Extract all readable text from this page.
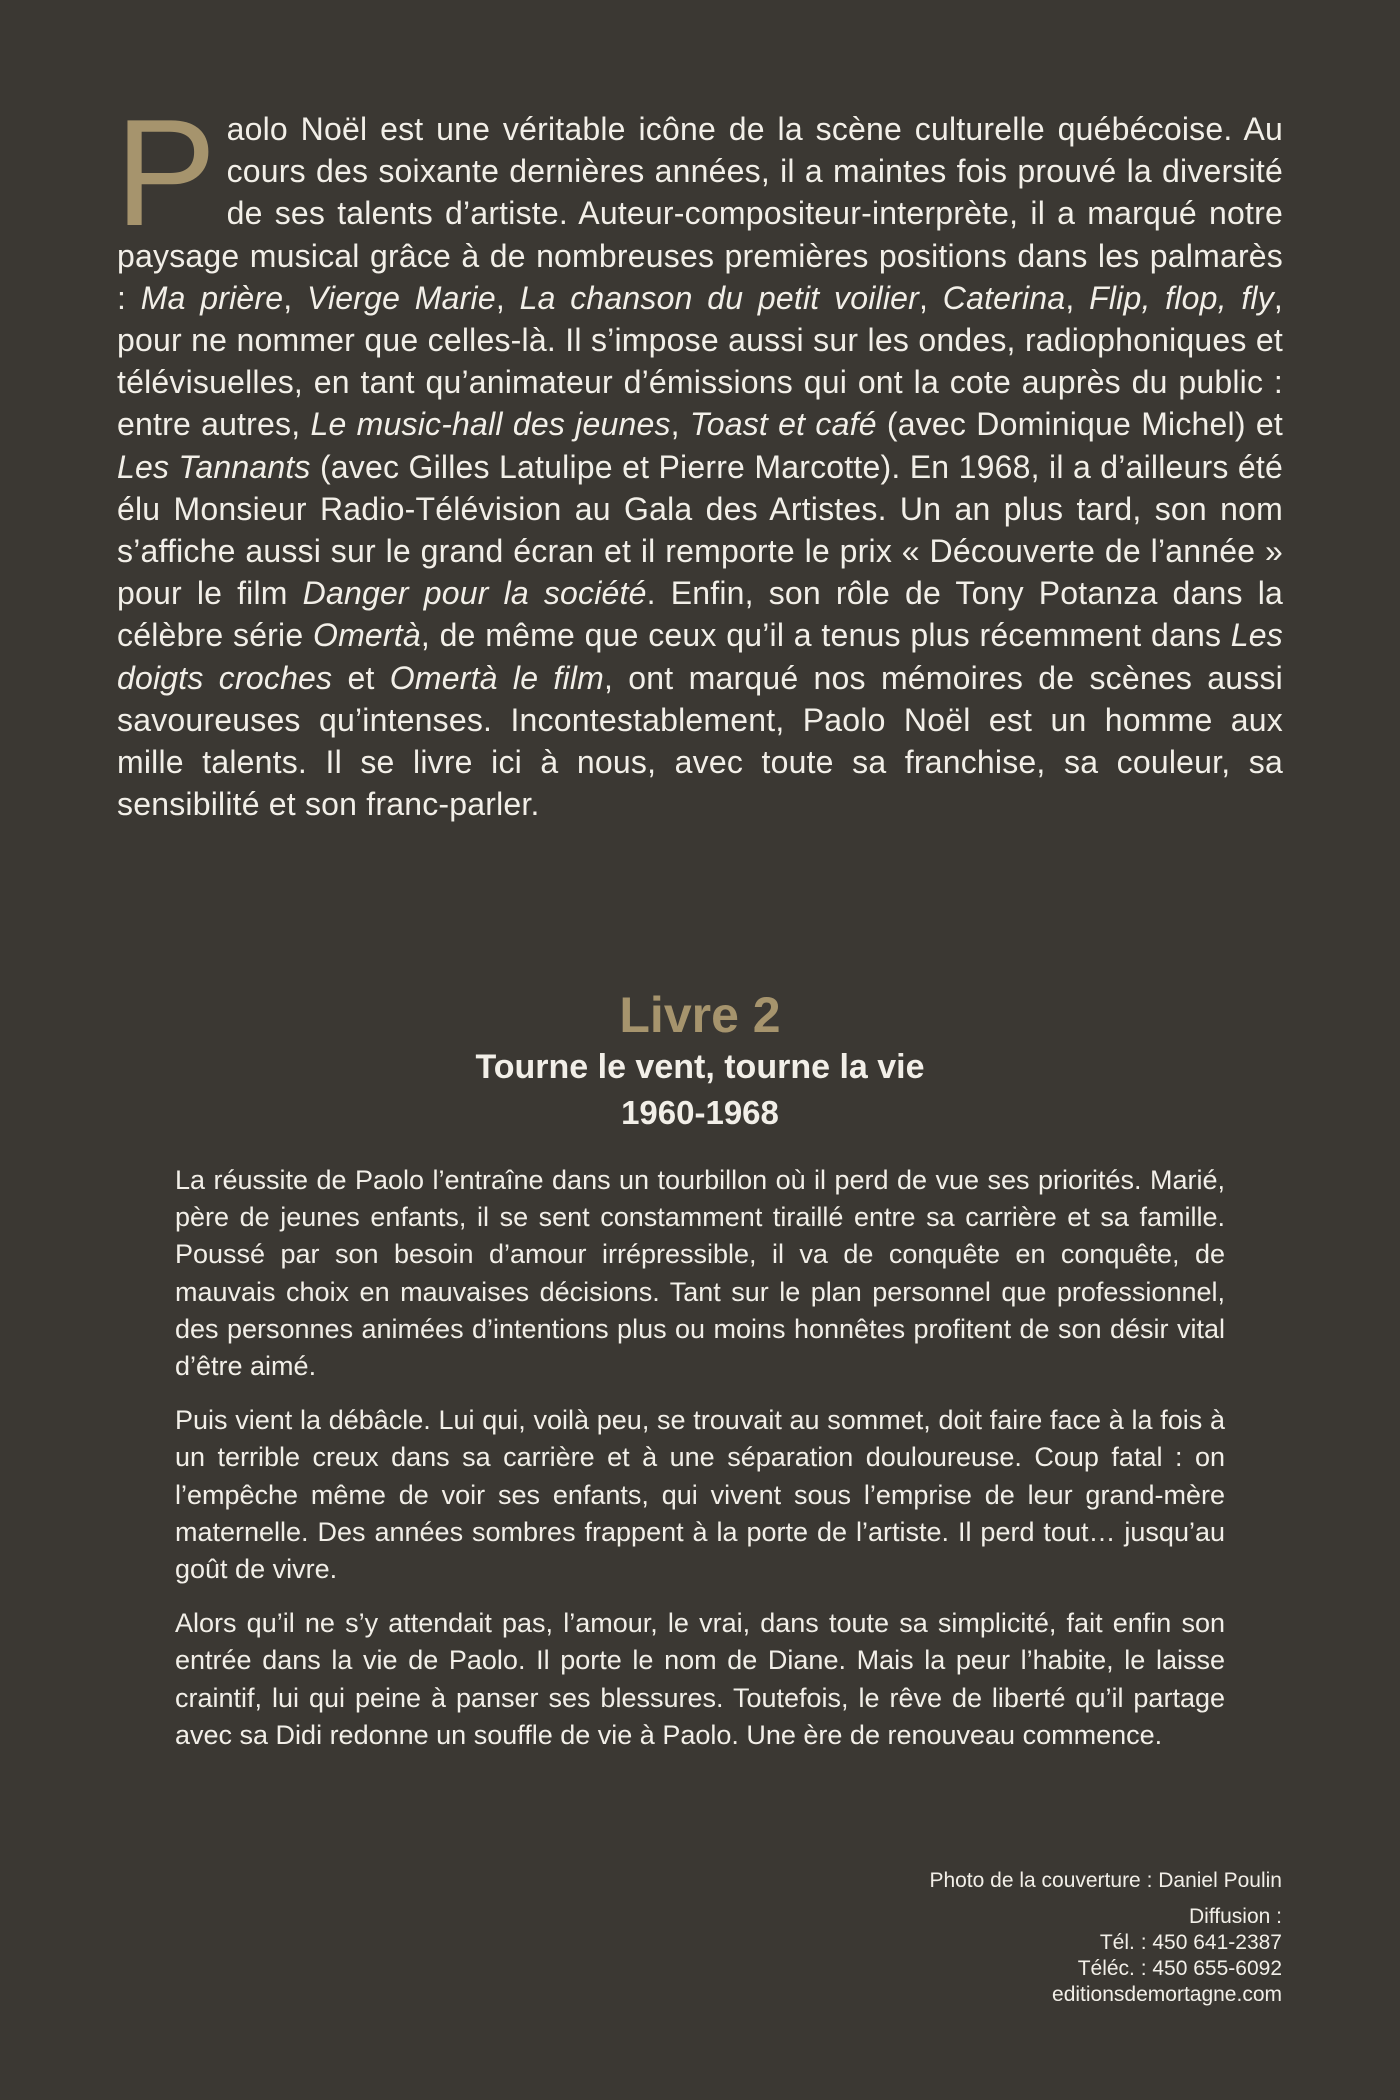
Paolo Noël est une véritable icône de la scène culturelle québécoise. Au cours des soixante dernières années, il a maintes fois prouvé la diversité de ses talents d’artiste. Auteur-compositeur-interprète, il a marqué notre paysage musical grâce à de nombreuses premières positions dans les palmarès : Ma prière, Vierge Marie, La chanson du petit voilier, Caterina, Flip, flop, fly, pour ne nommer que celles-là. Il s’impose aussi sur les ondes, radiophoniques et télévisuelles, en tant qu’animateur d’émissions qui ont la cote auprès du public : entre autres, Le music-hall des jeunes, Toast et café (avec Dominique Michel) et Les Tannants (avec Gilles Latulipe et Pierre Marcotte). En 1968, il a d’ailleurs été élu Monsieur Radio-Télévision au Gala des Artistes. Un an plus tard, son nom s’affiche aussi sur le grand écran et il remporte le prix « Découverte de l’année » pour le film Danger pour la société. Enfin, son rôle de Tony Potanza dans la célèbre série Omertà, de même que ceux qu’il a tenus plus récemment dans Les doigts croches et Omertà le film, ont marqué nos mémoires de scènes aussi savoureuses qu’intenses. Incontestablement, Paolo Noël est un homme aux mille talents. Il se livre ici à nous, avec toute sa franchise, sa couleur, sa sensibilité et son franc-parler.

Livre 2
Tourne le vent, tourne la vie
1960-1968

La réussite de Paolo l’entraîne dans un tourbillon où il perd de vue ses priorités. Marié, père de jeunes enfants, il se sent constamment tiraillé entre sa carrière et sa famille. Poussé par son besoin d’amour irrépressible, il va de conquête en conquête, de mauvais choix en mauvaises décisions. Tant sur le plan personnel que professionnel, des personnes animées d’intentions plus ou moins honnêtes profitent de son désir vital d’être aimé.

Puis vient la débâcle. Lui qui, voilà peu, se trouvait au sommet, doit faire face à la fois à un terrible creux dans sa carrière et à une séparation douloureuse. Coup fatal : on l’empêche même de voir ses enfants, qui vivent sous l’emprise de leur grand-mère maternelle. Des années sombres frappent à la porte de l’artiste. Il perd tout… jusqu’au goût de vivre.

Alors qu’il ne s’y attendait pas, l’amour, le vrai, dans toute sa simplicité, fait enfin son entrée dans la vie de Paolo. Il porte le nom de Diane. Mais la peur l’habite, le laisse craintif, lui qui peine à panser ses blessures. Toutefois, le rêve de liberté qu’il partage avec sa Didi redonne un souffle de vie à Paolo. Une ère de renouveau commence.

Photo de la couverture : Daniel Poulin
Diffusion :
Tél. : 450 641-2387
Téléc. : 450 655-6092
editionsdemortagne.com
